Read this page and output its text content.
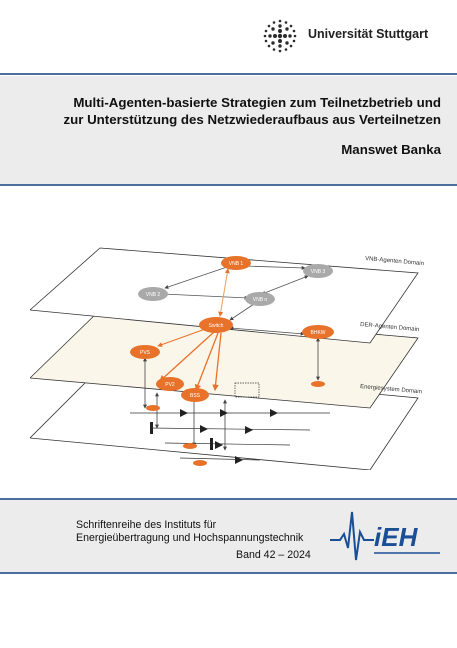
Universität Stuttgart
Multi-Agenten-basierte Strategien zum Teilnetzbetrieb und
zur Unterstützung des Netzwiederaufbaus aus Verteilnetzen
Manswet Banka
VNB-Agenten Domain
DER-Agenten Domain
Energiesystem Domain
VNB 1
VNB 2
VNB 3
VNB n
Switch
PVS
BHKW
PV2
BSS
Schriftenreihe des Instituts für
Energieübertragung und Hochspannungstechnik
Band 42 – 2024
iEH
